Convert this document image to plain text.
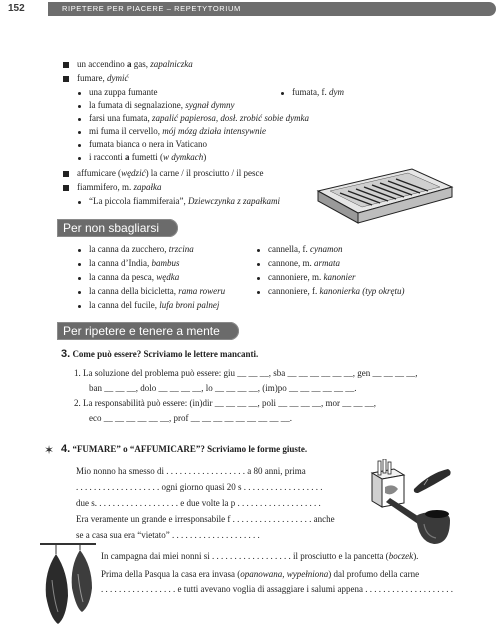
152	RIPETERE PER PIACERE – REPETYTORIUM
un accendino a gas, zapalniczka
fumare, dymić
una zuppa fumante	fumata, f. dym
la fumata di segnalazione, sygnał dymny
farsi una fumata, zapalić papierosa, dosł. zrobić sobie dymka
mi fuma il cervello, mój mózg działa intensywnie
fumata bianca o nera in Vaticano
i racconti a fumetti (w dymkach)
affumicare (wędzić) la carne / il prosciutto / il pesce
fiammifero, m. zapałka
“La piccola fiammiferaia”, Dziewczynka z zapałkami
Per non sbagliarsi
la canna da zucchero, trzcina
la canna d’India, bambus
la canna da pesca, wędka
la canna della bicicletta, rama roweru
la canna del fucile, lufa broni palnej
cannella, f. cynamon
cannone, m. armata
cannoniere, m. kanonier
cannoniere, f. kanonierka (typ okrętu)
Per ripetere e tenere a mente
3. Come può essere? Scriviamo le lettere mancanti.
1. La soluzione del problema può essere: giu __ __ __, sba __ __ __ __ __ __, gen __ __ __ __,
ban __ __ __, dolo __ __ __ __, lo __ __ __ __, (im)po __ __ __ __ __ __.
2. La responsabilità può essere: (in)dir __ __ __ __, poli __ __ __ __, mor __ __ __,
eco __ __ __ __ __ __, prof __ __ __ __ __ __ __ __ __.
✶ 4. “FUMARE” o “AFFUMICARE”? Scriviamo le forme giuste.
Mio nonno ha smesso di . . . . . . . . . . . . . . . . . . a 80 anni, prima
. . . . . . . . . . . . . . . . . . . ogni giorno quasi 20 s . . . . . . . . . . . . . . . . . .
due s. . . . . . . . . . . . . . . . . . . e due volte la p . . . . . . . . . . . . . . . . . . .
Era veramente un grande e irresponsabile f . . . . . . . . . . . . . . . . . . anche
se a casa sua era “vietato” . . . . . . . . . . . . . . . . . . . .
In campagna dai miei nonni si . . . . . . . . . . . . . . . . . . il prosciutto e la pancetta (boczek).
Prima della Pasqua la casa era invasa (opanowana, wypełniona) dal profumo della carne
. . . . . . . . . . . . . . . . . e tutti avevano voglia di assaggiare i salumi appena . . . . . . . . . . . . . . . . . . . .
